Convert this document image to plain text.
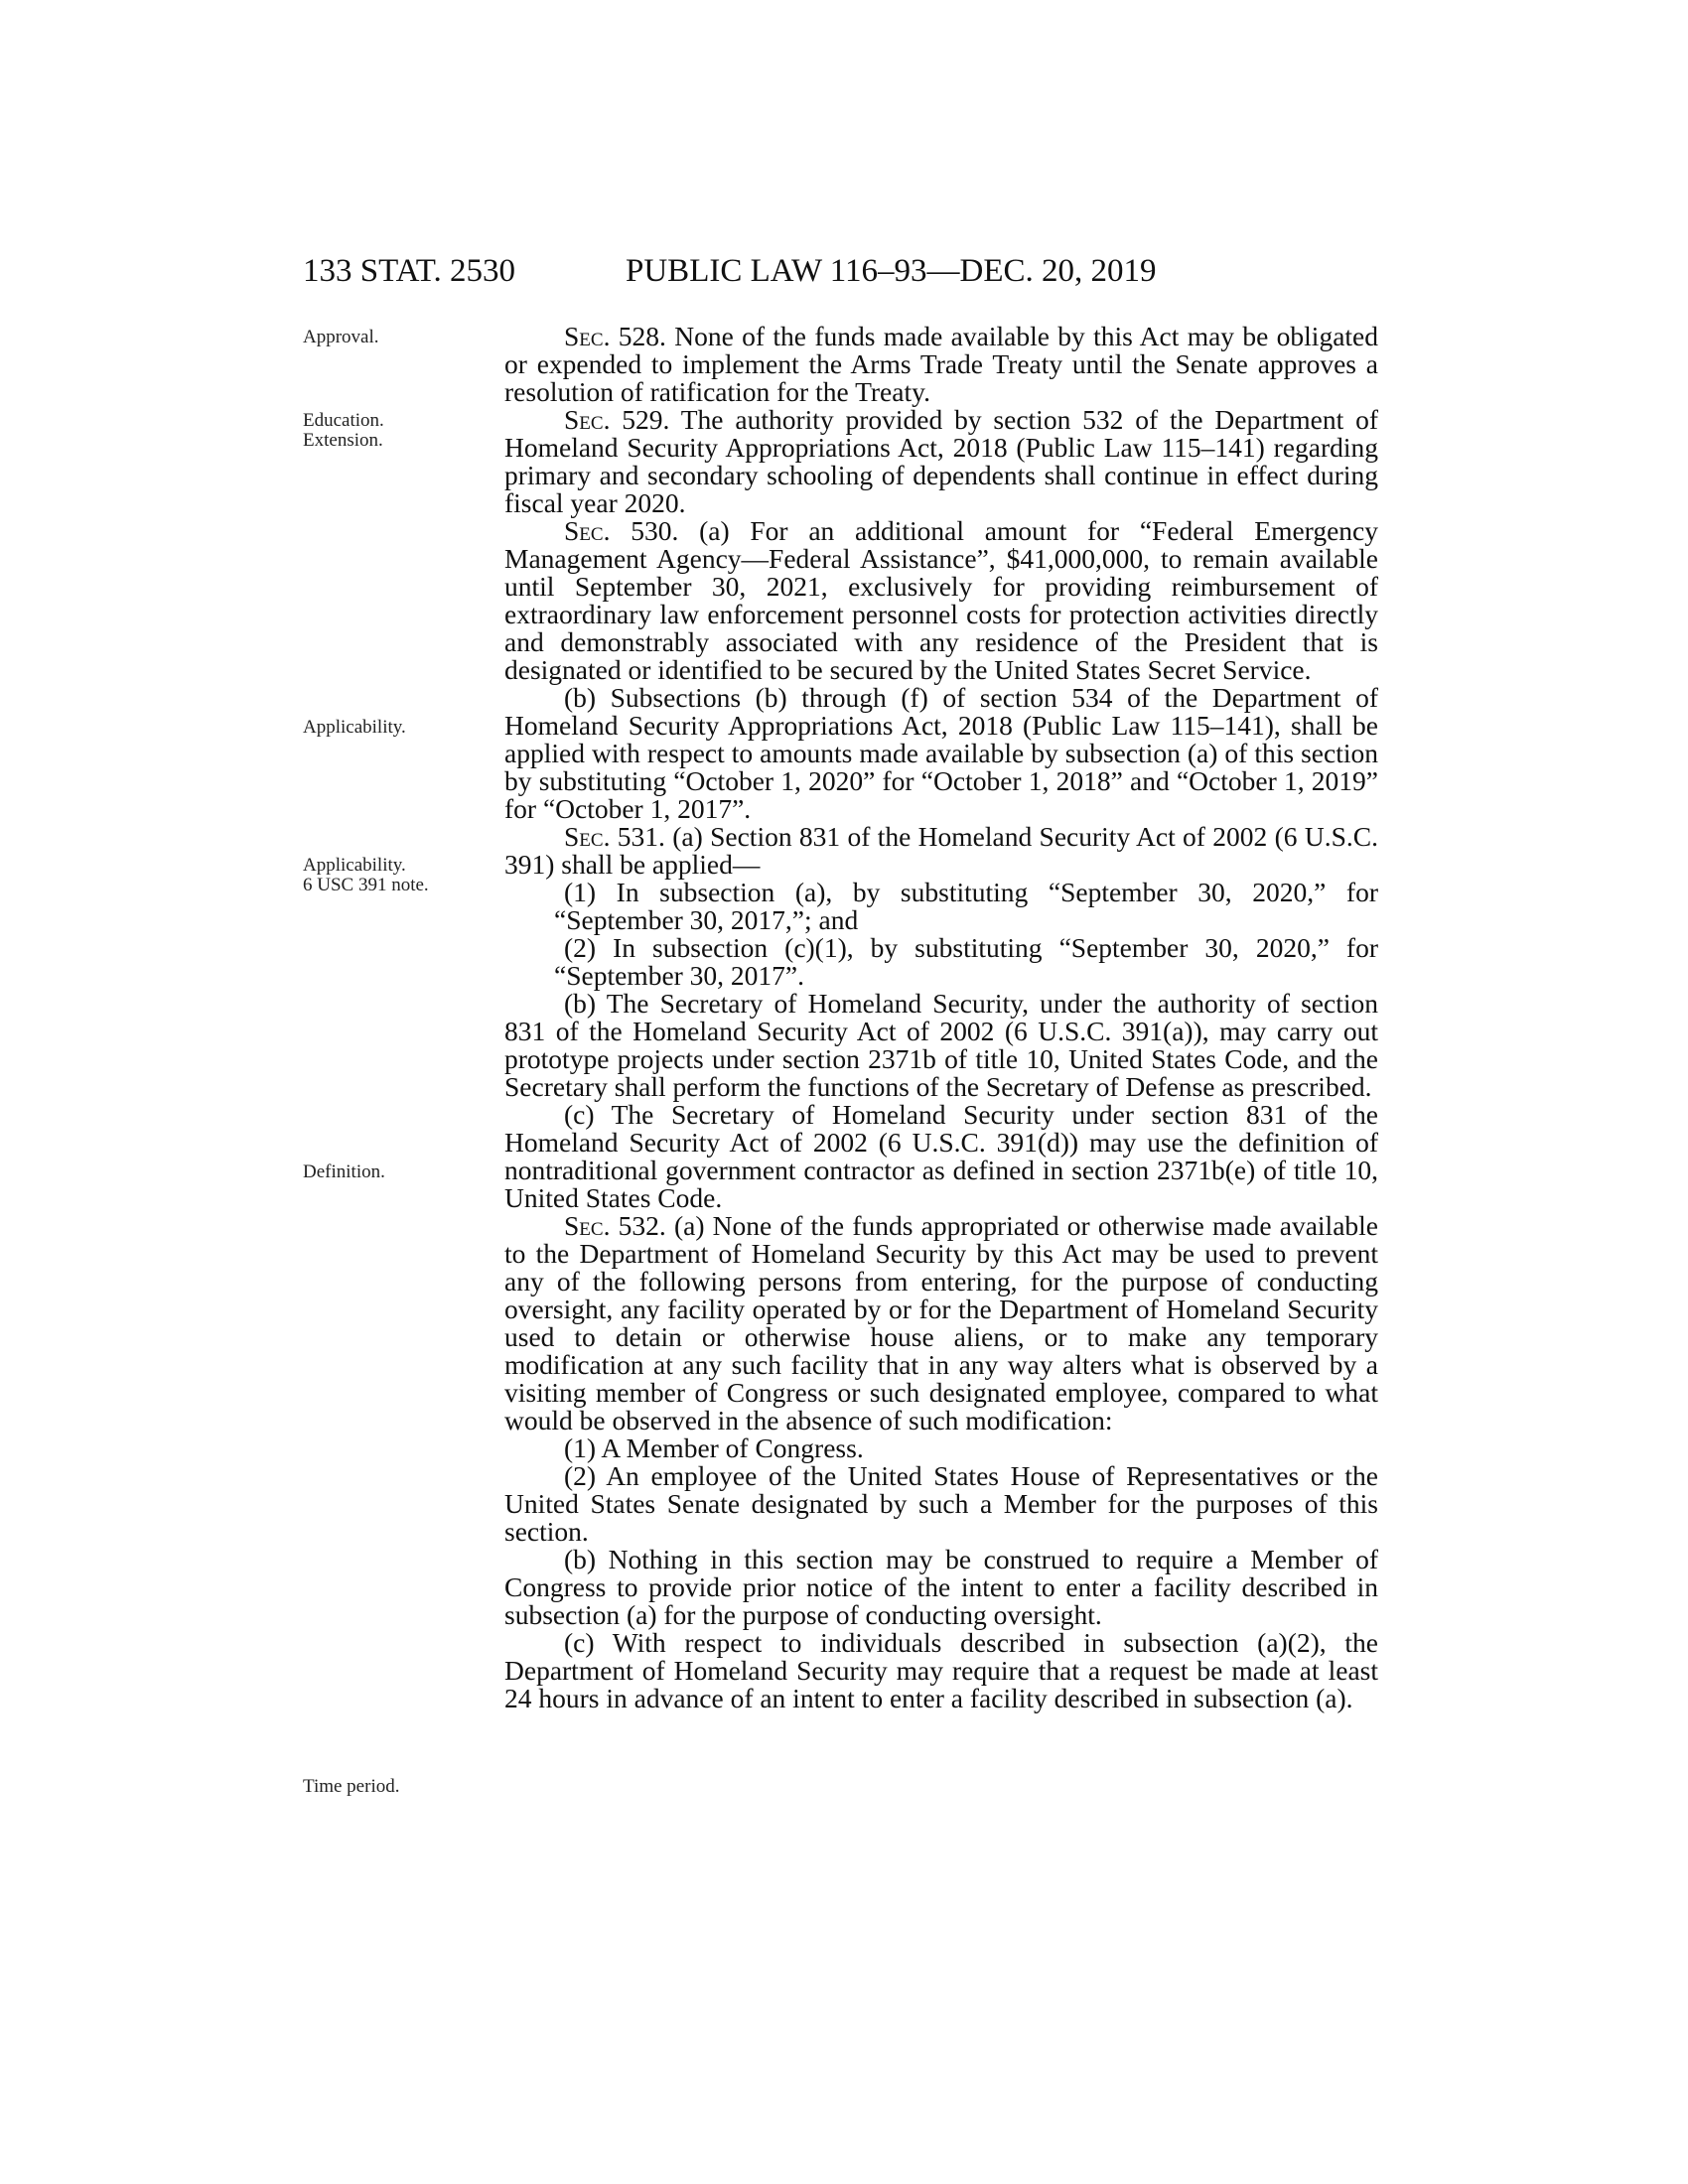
133 STAT. 2530	PUBLIC LAW 116–93—DEC. 20, 2019
Approval.
Education.
Extension.
Applicability.
Applicability.
6 USC 391 note.
Definition.
Time period.

Sec. 528. None of the funds made available by this Act may be obligated or expended to implement the Arms Trade Treaty until the Senate approves a resolution of ratification for the Treaty.

Sec. 529. The authority provided by section 532 of the Department of Homeland Security Appropriations Act, 2018 (Public Law 115–141) regarding primary and secondary schooling of dependents shall continue in effect during fiscal year 2020.

Sec. 530. (a) For an additional amount for “Federal Emergency Management Agency—Federal Assistance”, $41,000,000, to remain available until September 30, 2021, exclusively for providing reimbursement of extraordinary law enforcement personnel costs for protection activities directly and demonstrably associated with any residence of the President that is designated or identified to be secured by the United States Secret Service.

(b) Subsections (b) through (f) of section 534 of the Department of Homeland Security Appropriations Act, 2018 (Public Law 115–141), shall be applied with respect to amounts made available by subsection (a) of this section by substituting “October 1, 2020” for “October 1, 2018” and “October 1, 2019” for “October 1, 2017”.

Sec. 531. (a) Section 831 of the Homeland Security Act of 2002 (6 U.S.C. 391) shall be applied—

(1) In subsection (a), by substituting “September 30, 2020,” for “September 30, 2017,”; and

(2) In subsection (c)(1), by substituting “September 30, 2020,” for “September 30, 2017”.

(b) The Secretary of Homeland Security, under the authority of section 831 of the Homeland Security Act of 2002 (6 U.S.C. 391(a)), may carry out prototype projects under section 2371b of title 10, United States Code, and the Secretary shall perform the functions of the Secretary of Defense as prescribed.

(c) The Secretary of Homeland Security under section 831 of the Homeland Security Act of 2002 (6 U.S.C. 391(d)) may use the definition of nontraditional government contractor as defined in section 2371b(e) of title 10, United States Code.

Sec. 532. (a) None of the funds appropriated or otherwise made available to the Department of Homeland Security by this Act may be used to prevent any of the following persons from entering, for the purpose of conducting oversight, any facility operated by or for the Department of Homeland Security used to detain or otherwise house aliens, or to make any temporary modification at any such facility that in any way alters what is observed by a visiting member of Congress or such designated employee, compared to what would be observed in the absence of such modification:

(1) A Member of Congress.

(2) An employee of the United States House of Representatives or the United States Senate designated by such a Member for the purposes of this section.

(b) Nothing in this section may be construed to require a Member of Congress to provide prior notice of the intent to enter a facility described in subsection (a) for the purpose of conducting oversight.

(c) With respect to individuals described in subsection (a)(2), the Department of Homeland Security may require that a request be made at least 24 hours in advance of an intent to enter a facility described in subsection (a).
